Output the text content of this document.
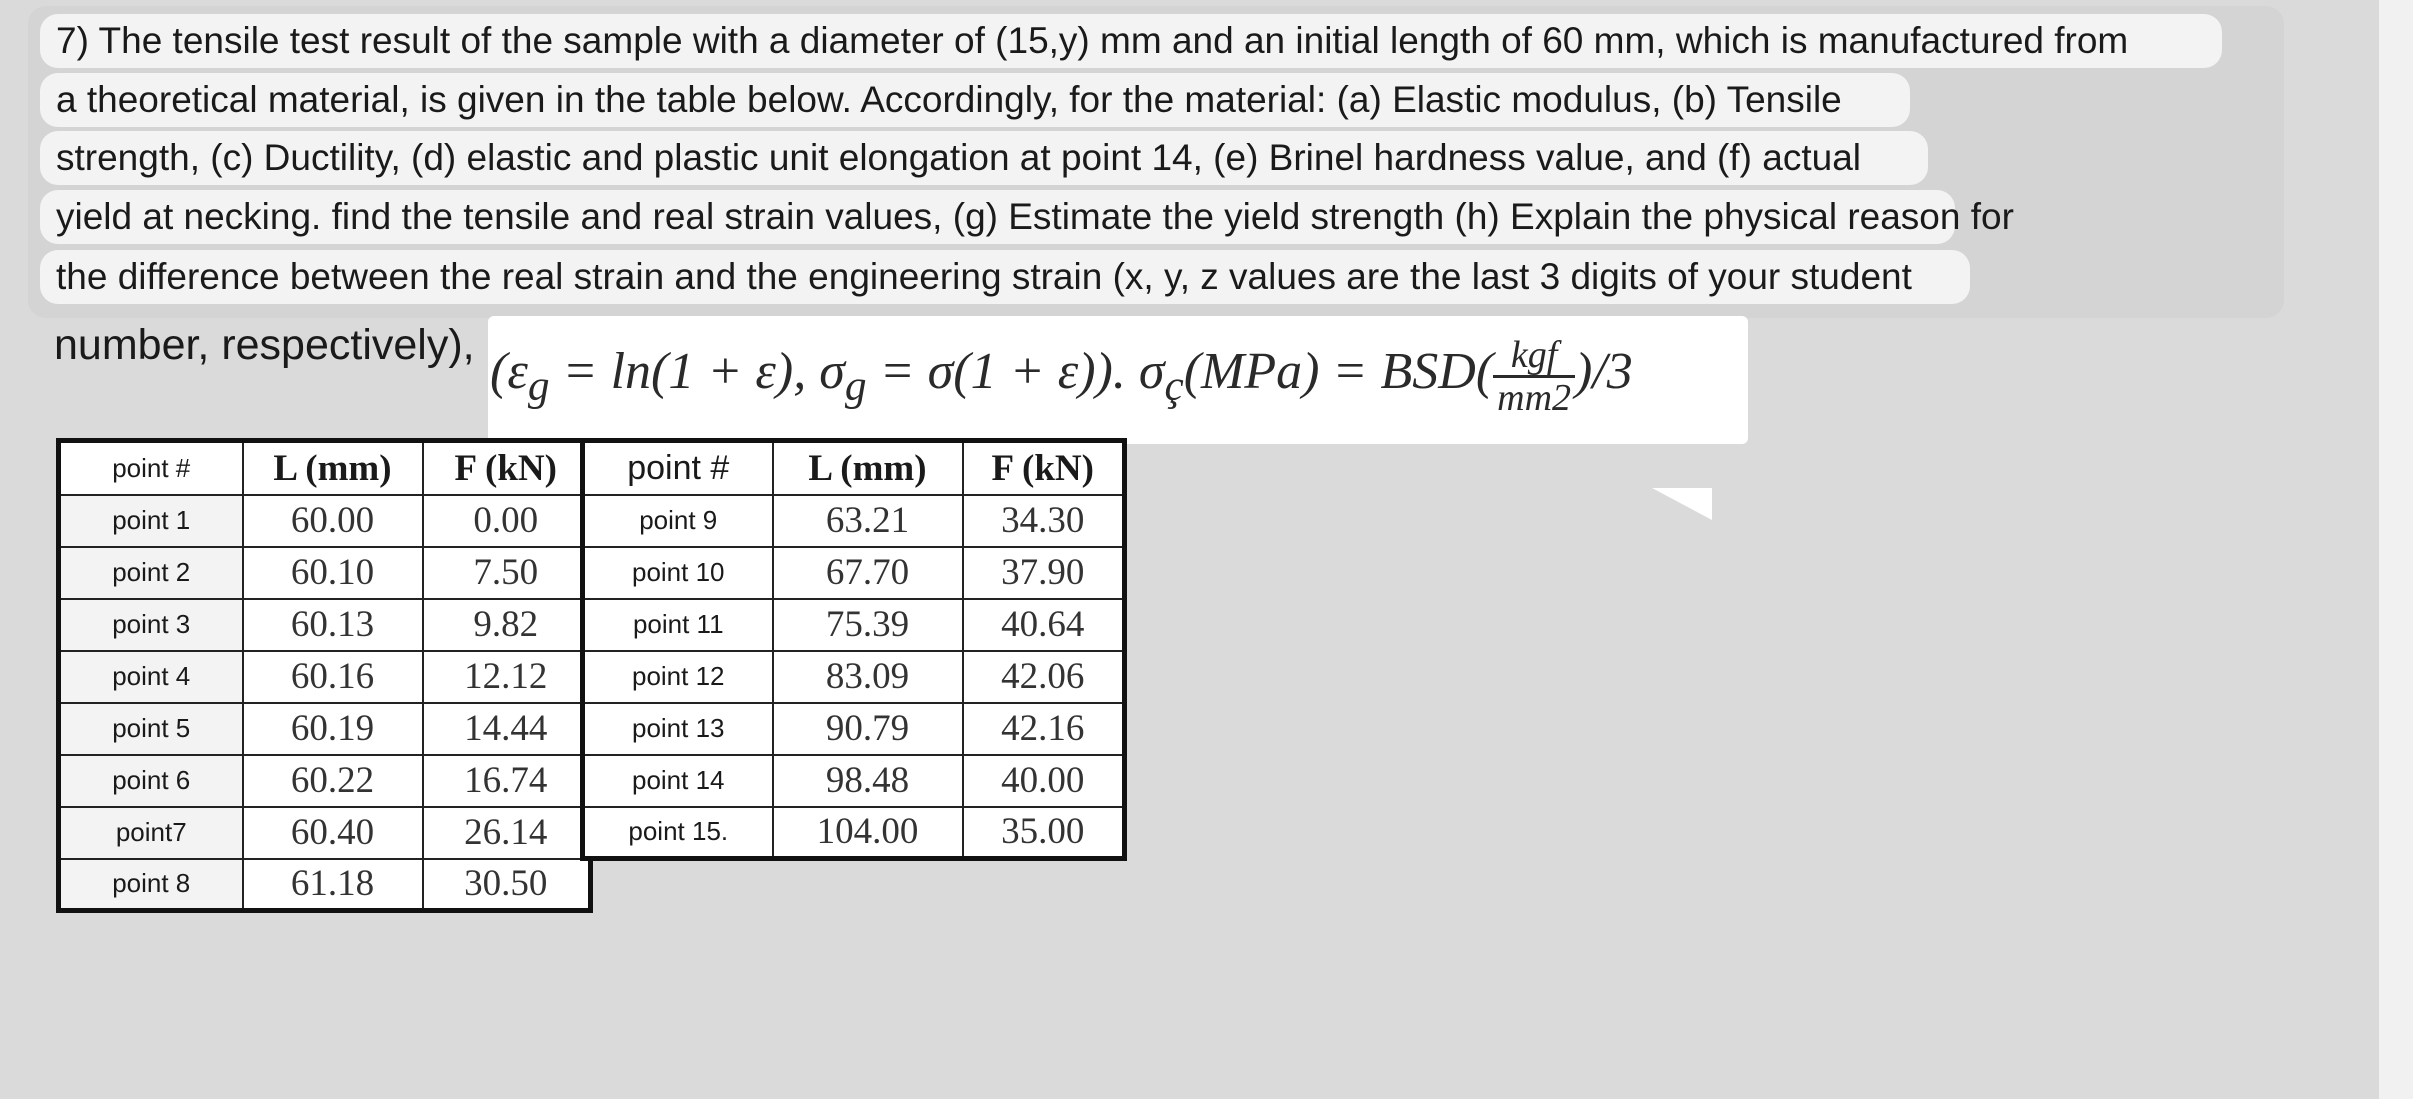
7) The tensile test result of the sample with a diameter of (15,y) mm and an initial length of 60 mm, which is manufactured from
a theoretical material, is given in the table below. Accordingly, for the material: (a) Elastic modulus, (b) Tensile
strength, (c) Ductility, (d) elastic and plastic unit elongation at point 14, (e) Brinel hardness value, and (f) actual
yield at necking. find the tensile and real strain values, (g) Estimate the yield strength (h) Explain the physical reason for
the difference between the real strain and the engineering strain (x, y, z values are the last 3 digits of your student
number, respectively), ($\varepsilon_g = \ln(1 + \varepsilon)$, $\sigma_g = \sigma(1 + \varepsilon)$). $\sigma_ç(MPa) = BSD( \frac{\text{kgf}}{mm2} )/3$
point #	L (mm)	F (kN)
point 1	60.00	0.00
point 2	60.10	7.50
point 3	60.13	9.82
point 4	60.16	12.12
point 5	60.19	14.44
point 6	60.22	16.74
point7	60.40	26.14
point 8	61.18	30.50
point #	L (mm)	F (kN)
point 9	63.21	34.30
point 10	67.70	37.90
point 11	75.39	40.64
point 12	83.09	42.06
point 13	90.79	42.16
point 14	98.48	40.00
point 15.	104.00	35.00
